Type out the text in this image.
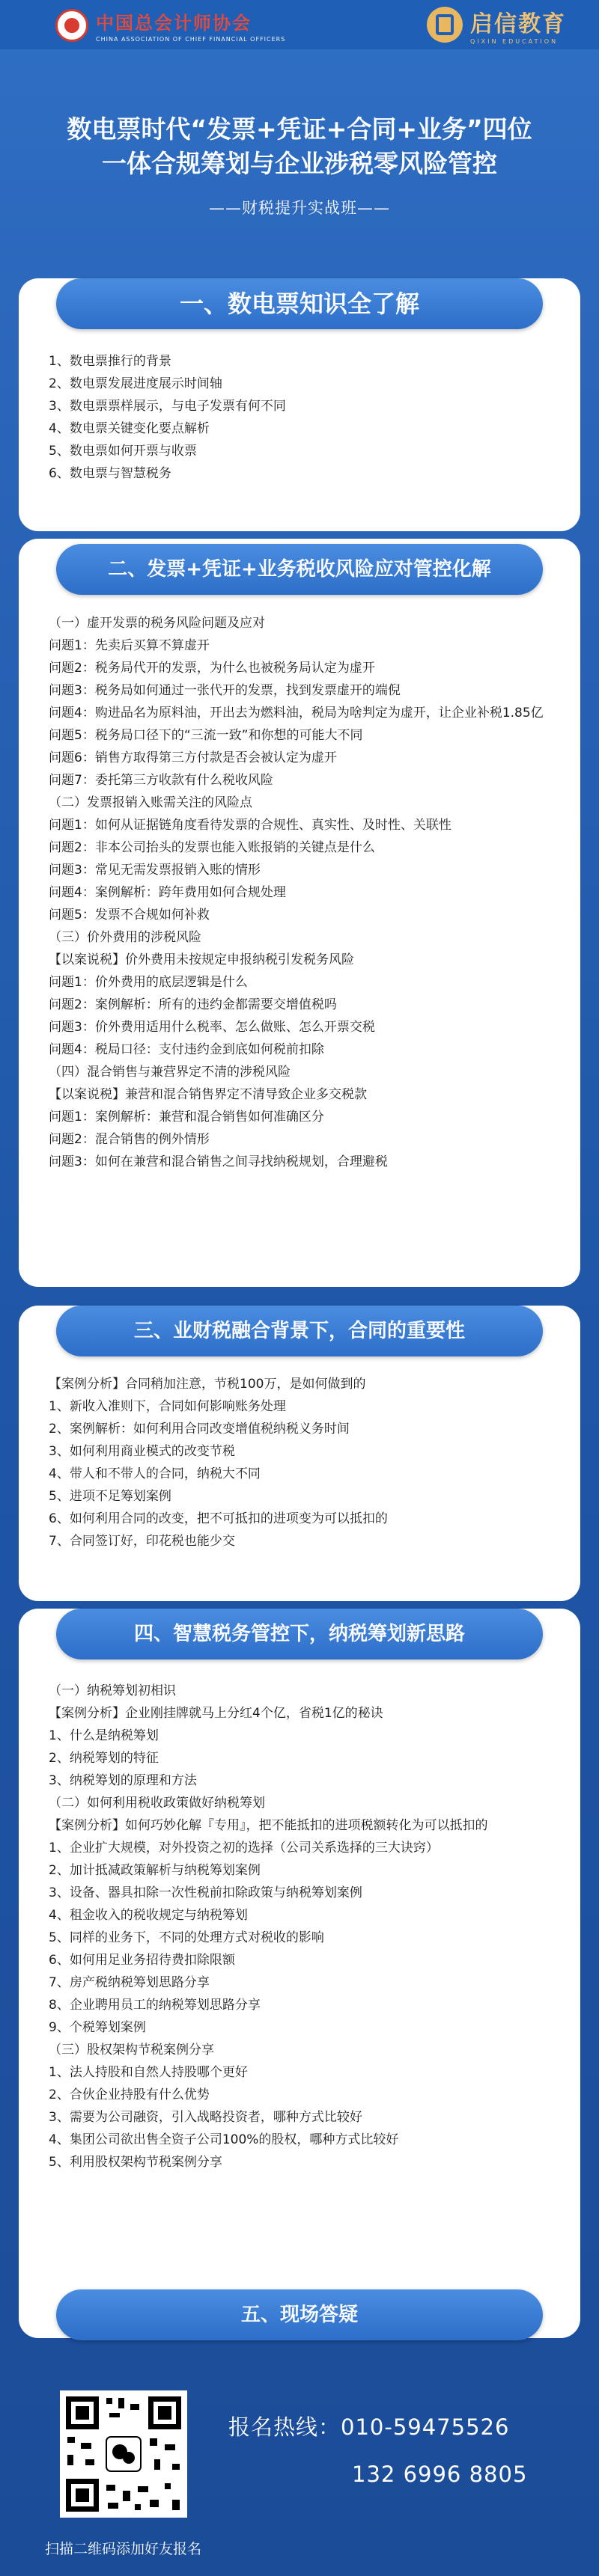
中国总会计师协会
CHINA ASSOCIATION OF CHIEF FINANCIAL OFFICERS
启信教育
QIXIN EDUCATION
数电票时代“发票+凭证+合同+业务”四位
一体合规筹划与企业涉税零风险管控
——财税提升实战班——
一、数电票知识全了解
1、 数电票推行的背景
2、 数电票发展进度展示时间轴
3、 数电票票样展示，与电子发票有何不同
4、 数电票关键变化要点解析
5、 数电票如何开票与收票
6、 数电票与智慧税务
二、发票+凭证+业务税收风险应对管控化解
（一） 虚开发票的税务风险问题及应对
问题1： 先卖后买算不算虚开
问题2： 税务局代开的发票，为什么也被税务局认定为虚开
问题3： 税务局如何通过一张代开的发票，找到发票虚开的端倪
问题4： 购进品名为原料油，开出去为燃料油，税局为啥判定为虚开，让企业补税1.85亿
问题5： 税务局口径下的“三流一致”和你想的可能大不同
问题6： 销售方取得第三方付款是否会被认定为虚开
问题7： 委托第三方收款有什么税收风险
（二） 发票报销入账需关注的风险点
问题1： 如何从证据链角度看待发票的合规性、真实性、及时性、关联性
问题2： 非本公司抬头的发票也能入账报销的关键点是什么
问题3： 常见无需发票报销入账的情形
问题4： 案例解析：跨年费用如何合规处理
问题5： 发票不合规如何补救
（三） 价外费用的涉税风险
【以案说税】 价外费用未按规定申报纳税引发税务风险
问题1： 价外费用的底层逻辑是什么
问题2： 案例解析：所有的违约金都需要交增值税吗
问题3： 价外费用适用什么税率、怎么做账、怎么开票交税
问题4： 税局口径：支付违约金到底如何税前扣除
（四） 混合销售与兼营界定不清的涉税风险
【以案说税】 兼营和混合销售界定不清导致企业多交税款
问题1： 案例解析：兼营和混合销售如何准确区分
问题2： 混合销售的例外情形
问题3： 如何在兼营和混合销售之间寻找纳税规划，合理避税
三、业财税融合背景下，合同的重要性
【案例分析】 合同稍加注意，节税100万，是如何做到的
1、 新收入准则下，合同如何影响账务处理
2、 案例解析：如何利用合同改变增值税纳税义务时间
3、 如何利用商业模式的改变节税
4、 带人和不带人的合同，纳税大不同
5、 进项不足筹划案例
6、 如何利用合同的改变，把不可抵扣的进项变为可以抵扣的
7、 合同签订好，印花税也能少交
四、智慧税务管控下，纳税筹划新思路
（一） 纳税筹划初相识
【案例分析】 企业刚挂牌就马上分红4个亿，省税1亿的秘诀
1、 什么是纳税筹划
2、 纳税筹划的特征
3、 纳税筹划的原理和方法
（二） 如何利用税收政策做好纳税筹划
【案例分析】 如何巧妙化解『专用』，把不能抵扣的进项税额转化为可以抵扣的
1、 企业扩大规模，对外投资之初的选择（公司关系选择的三大诀窍）
2、 加计抵减政策解析与纳税筹划案例
3、 设备、器具扣除一次性税前扣除政策与纳税筹划案例
4、 租金收入的税收规定与纳税筹划
5、 同样的业务下，不同的处理方式对税收的影响
6、 如何用足业务招待费扣除限额
7、 房产税纳税筹划思路分享
8、 企业聘用员工的纳税筹划思路分享
9、 个税筹划案例
（三） 股权架构节税案例分享
1、 法人持股和自然人持股哪个更好
2、 合伙企业持股有什么优势
3、 需要为公司融资，引入战略投资者，哪种方式比较好
4、 集团公司欲出售全资子公司100%的股权，哪种方式比较好
5、 利用股权架构节税案例分享
五、现场答疑
报名热线：010-59475526
132 6996 8805
扫描二维码添加好友报名
